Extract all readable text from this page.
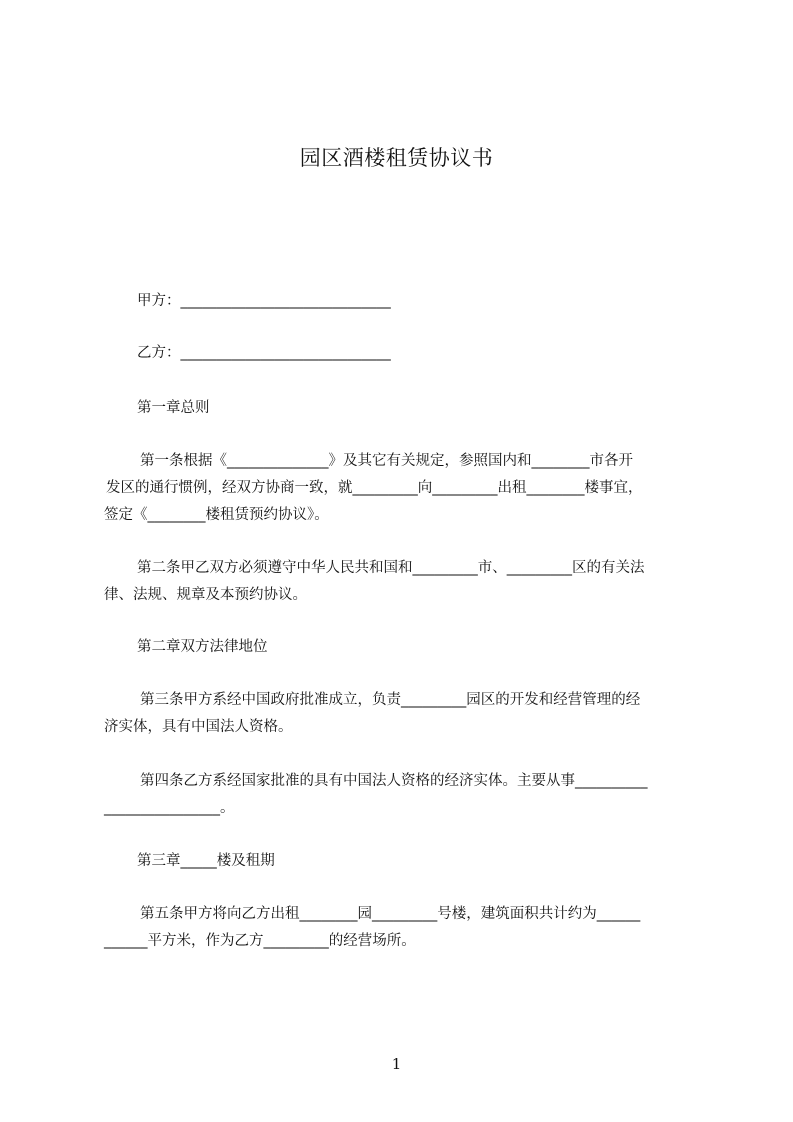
园区酒楼租赁协议书
甲方：_____________________________
乙方：_____________________________
第一章总则
第一条根据《______________》及其它有关规定，参照国内和________市各开
发区的通行惯例，经双方协商一致，就_________向_________出租________楼事宜，
签定《________楼租赁预约协议》。
第二条甲乙双方必须遵守中华人民共和国和_________市、_________区的有关法
律、法规、规章及本预约协议。
第二章双方法律地位
第三条甲方系经中国政府批准成立，负责_________园区的开发和经营管理的经
济实体，具有中国法人资格。
第四条乙方系经国家批准的具有中国法人资格的经济实体。主要从事__________
________________。
第三章_____楼及租期
第五条甲方将向乙方出租________园_________号楼，建筑面积共计约为______
______平方米，作为乙方_________的经营场所。
1
